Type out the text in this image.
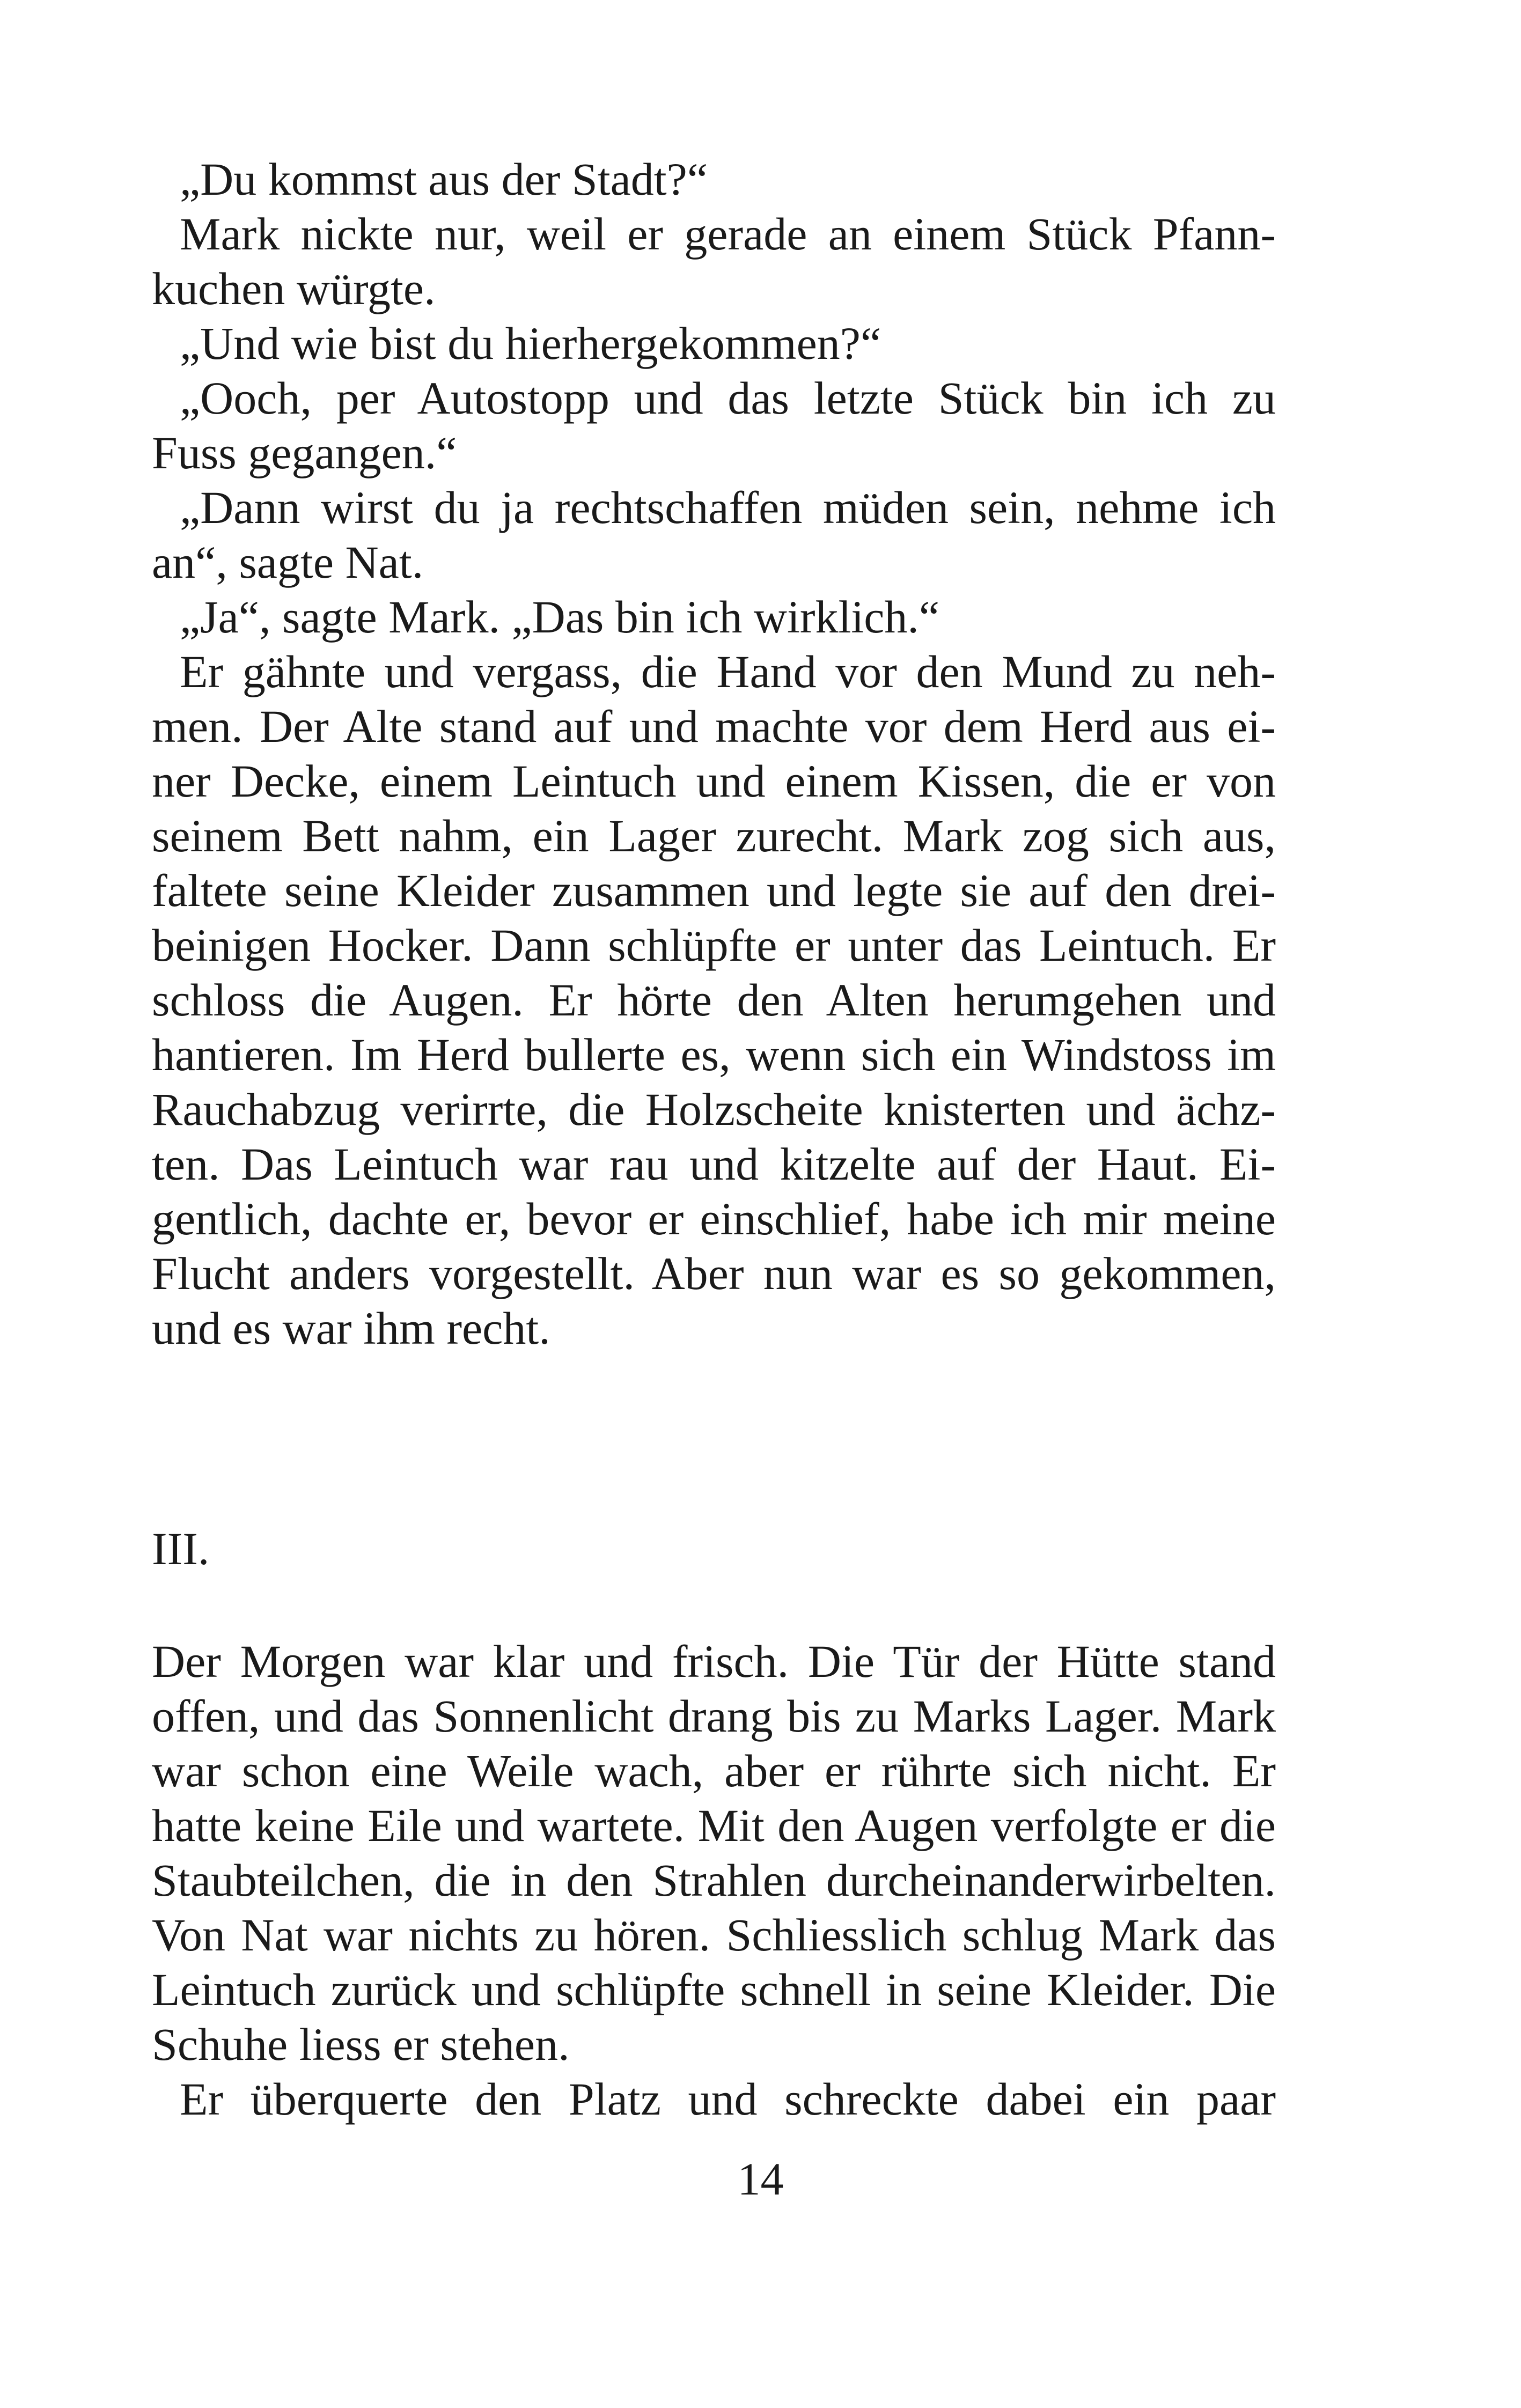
„Du kommst aus der Stadt?“
Mark nickte nur, weil er gerade an einem Stück Pfann-
kuchen würgte.
„Und wie bist du hierhergekommen?“
„Ooch, per Autostopp und das letzte Stück bin ich zu
Fuss gegangen.“
„Dann wirst du ja rechtschaffen müden sein, nehme ich
an“, sagte Nat.
„Ja“, sagte Mark. „Das bin ich wirklich.“
Er gähnte und vergass, die Hand vor den Mund zu neh-
men. Der Alte stand auf und machte vor dem Herd aus ei-
ner Decke, einem Leintuch und einem Kissen, die er von
seinem Bett nahm, ein Lager zurecht. Mark zog sich aus,
faltete seine Kleider zusammen und legte sie auf den drei-
beinigen Hocker. Dann schlüpfte er unter das Leintuch. Er
schloss die Augen. Er hörte den Alten herumgehen und
hantieren. Im Herd bullerte es, wenn sich ein Windstoss im
Rauchabzug verirrte, die Holzscheite knisterten und ächz-
ten. Das Leintuch war rau und kitzelte auf der Haut. Ei-
gentlich, dachte er, bevor er einschlief, habe ich mir meine
Flucht anders vorgestellt. Aber nun war es so gekommen,
und es war ihm recht.
III.
Der Morgen war klar und frisch. Die Tür der Hütte stand
offen, und das Sonnenlicht drang bis zu Marks Lager. Mark
war schon eine Weile wach, aber er rührte sich nicht. Er
hatte keine Eile und wartete. Mit den Augen verfolgte er die
Staubteilchen, die in den Strahlen durcheinanderwirbelten.
Von Nat war nichts zu hören. Schliesslich schlug Mark das
Leintuch zurück und schlüpfte schnell in seine Kleider. Die
Schuhe liess er stehen.
Er überquerte den Platz und schreckte dabei ein paar
14
